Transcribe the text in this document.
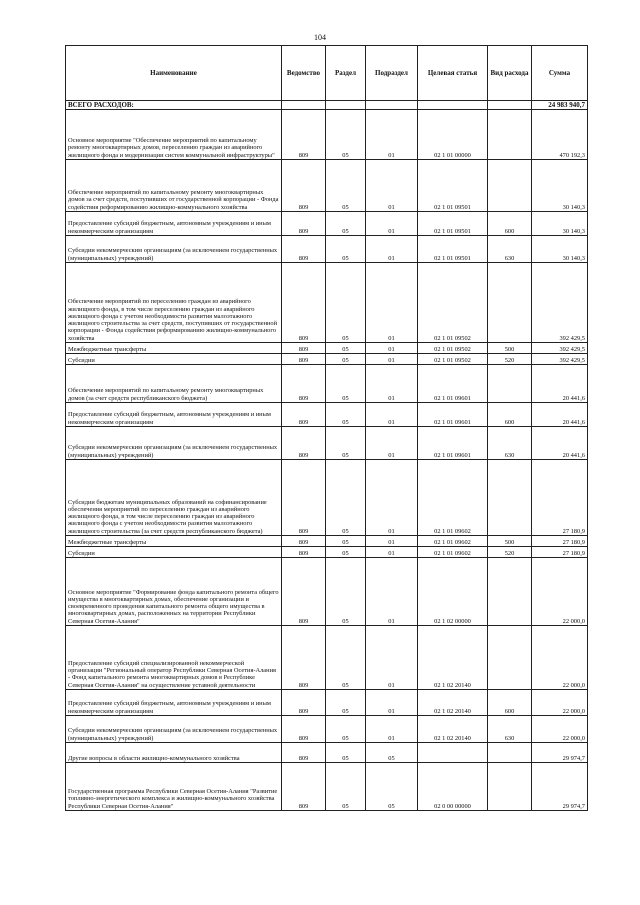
104
Наименование	Ведомство	Раздел	Подраздел	Целевая статья	Вид расхода	Сумма
ВСЕГО РАСХОДОВ:						24 983 940,7
Основное мероприятие "Обеспечение мероприятий по капитальному ремонту многоквартирных домов, переселению граждан из аварийного жилищного фонда и модернизации систем коммунальной инфраструктуры"	809	05	01	02 1 01 00000		470 192,3
Обеспечение мероприятий по капитальному ремонту многоквартирных домов за счет средств, поступивших от государственной корпорации - Фонда содействия реформированию жилищно-коммунального хозяйства	809	05	01	02 1 01 09501		30 140,3
Предоставление субсидий бюджетным, автономным учреждениям и иным некоммерческим организациям	809	05	01	02 1 01 09501	600	30 140,3
Субсидии некоммерческим организациям (за исключением государственных (муниципальных) учреждений)	809	05	01	02 1 01 09501	630	30 140,3
Обеспечение мероприятий по переселению граждан из аварийного жилищного фонда, в том числе переселению граждан из аварийного жилищного фонда с учетом необходимости развития малоэтажного жилищного строительства за счет средств, поступивших от государственной корпорации - Фонда содействия реформированию жилищно-коммунального хозяйства	809	05	01	02 1 01 09502		392 429,5
Межбюджетные трансферты	809	05	01	02 1 01 09502	500	392 429,5
Субсидии	809	05	01	02 1 01 09502	520	392 429,5
Обеспечение мероприятий по капитальному ремонту многоквартирных домов (за счет средств республиканского бюджета)	809	05	01	02 1 01 09601		20 441,6
Предоставление субсидий бюджетным, автономным учреждениям и иным некоммерческим организациям	809	05	01	02 1 01 09601	600	20 441,6
Субсидии некоммерческим организациям (за исключением государственных (муниципальных) учреждений)	809	05	01	02 1 01 09601	630	20 441,6
Субсидии бюджетам муниципальных образований на софинансирование обеспечения мероприятий по переселению граждан из аварийного жилищного фонда, в том числе переселению граждан из аварийного жилищного фонда с учетом необходимости развития малоэтажного жилищного строительства (за счет средств республиканского бюджета)	809	05	01	02 1 01 09602		27 180,9
Межбюджетные трансферты	809	05	01	02 1 01 09602	500	27 180,9
Субсидии	809	05	01	02 1 01 09602	520	27 180,9
Основное мероприятие "Формирование фонда капитального ремонта общего имущества в многоквартирных домах, обеспечение организации и своевременного проведения капитального ремонта общего имущества в многоквартирных домах, расположенных на территории Республики Северная Осетия-Алания"	809	05	01	02 1 02 00000		22 000,0
Предоставление субсидий специализированной некоммерческой организации "Региональный оператор Республики Северная Осетия-Алания - Фонд капитального ремонта многоквартирных домов в Республике Северная Осетия-Алания" на осуществление уставной деятельности	809	05	01	02 1 02 20140		22 000,0
Предоставление субсидий бюджетным, автономным учреждениям и иным некоммерческим организациям	809	05	01	02 1 02 20140	600	22 000,0
Субсидии некоммерческим организациям (за исключением государственных (муниципальных) учреждений)	809	05	01	02 1 02 20140	630	22 000,0
Другие вопросы в области жилищно-коммунального хозяйства	809	05	05			29 974,7
Государственная программа Республики Северная Осетия-Алания "Развитие топливно-энергетического комплекса и жилищно-коммунального хозяйства Республики Северная Осетия-Алания"	809	05	05	02 0 00 00000		29 974,7
